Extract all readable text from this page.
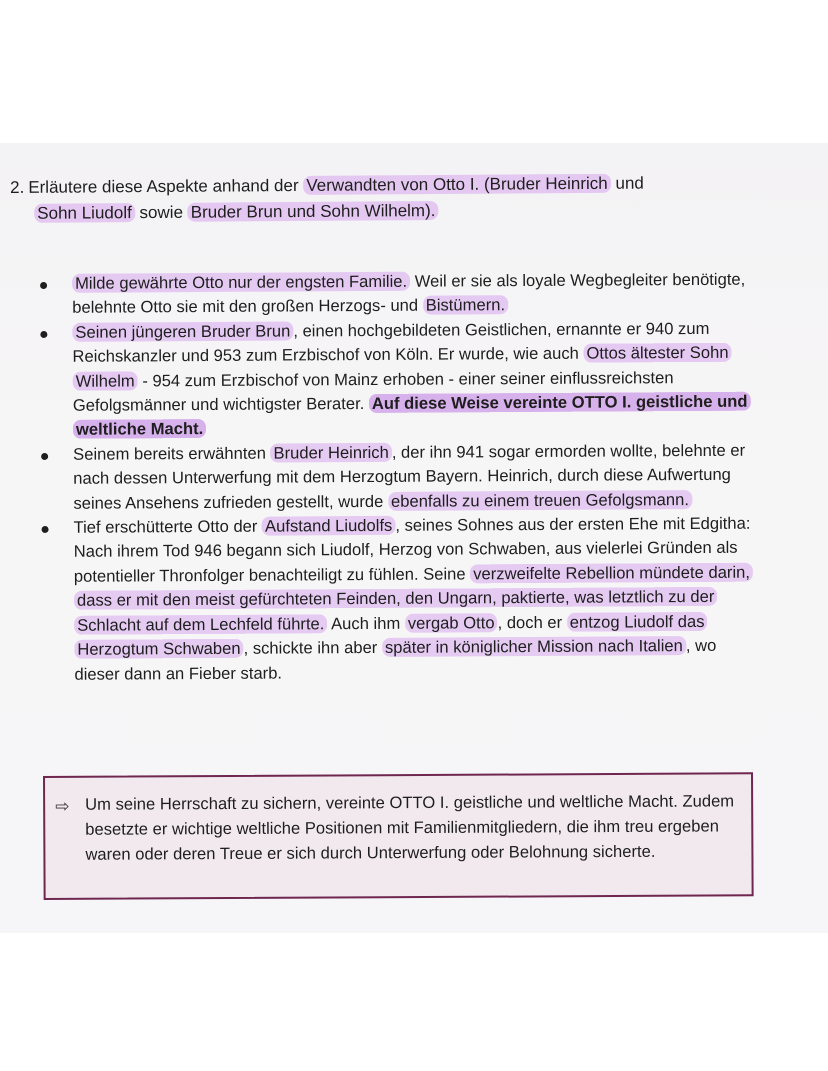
2. Erläutere diese Aspekte anhand der Verwandten von Otto I. (Bruder Heinrich und
Sohn Liudolf sowie Bruder Brun und Sohn Wilhelm).
Milde gewährte Otto nur der engsten Familie. Weil er sie als loyale Wegbegleiter benötigte, belehnte Otto sie mit den großen Herzogs- und Bistümern.
Seinen jüngeren Bruder Brun , einen hochgebildeten Geistlichen, ernannte er 940 zum Reichskanzler und 953 zum Erzbischof von Köln. Er wurde, wie auch Ottos ältester Sohn Wilhelm - 954 zum Erzbischof von Mainz erhoben - einer seiner einflussreichsten Gefolgsmänner und wichtigster Berater. Auf diese Weise vereinte OTTO I. geistliche und weltliche Macht.
Seinem bereits erwähnten Bruder Heinrich , der ihn 941 sogar ermorden wollte, belehnte er nach dessen Unterwerfung mit dem Herzogtum Bayern. Heinrich, durch diese Aufwertung seines Ansehens zufrieden gestellt, wurde ebenfalls zu einem treuen Gefolgsmann.
Tief erschütterte Otto der Aufstand Liudolfs , seines Sohnes aus der ersten Ehe mit Edgitha: Nach ihrem Tod 946 begann sich Liudolf, Herzog von Schwaben, aus vielerlei Gründen als potentieller Thronfolger benachteiligt zu fühlen. Seine verzweifelte Rebellion mündete darin, dass er mit den meist gefürchteten Feinden, den Ungarn, paktierte, was letztlich zu der Schlacht auf dem Lechfeld führte. Auch ihm vergab Otto , doch er entzog Liudolf das Herzogtum Schwaben , schickte ihn aber später in königlicher Mission nach Italien , wo dieser dann an Fieber starb.
⇨ Um seine Herrschaft zu sichern, vereinte OTTO I. geistliche und weltliche Macht. Zudem besetzte er wichtige weltliche Positionen mit Familienmitgliedern, die ihm treu ergeben waren oder deren Treue er sich durch Unterwerfung oder Belohnung sicherte.
